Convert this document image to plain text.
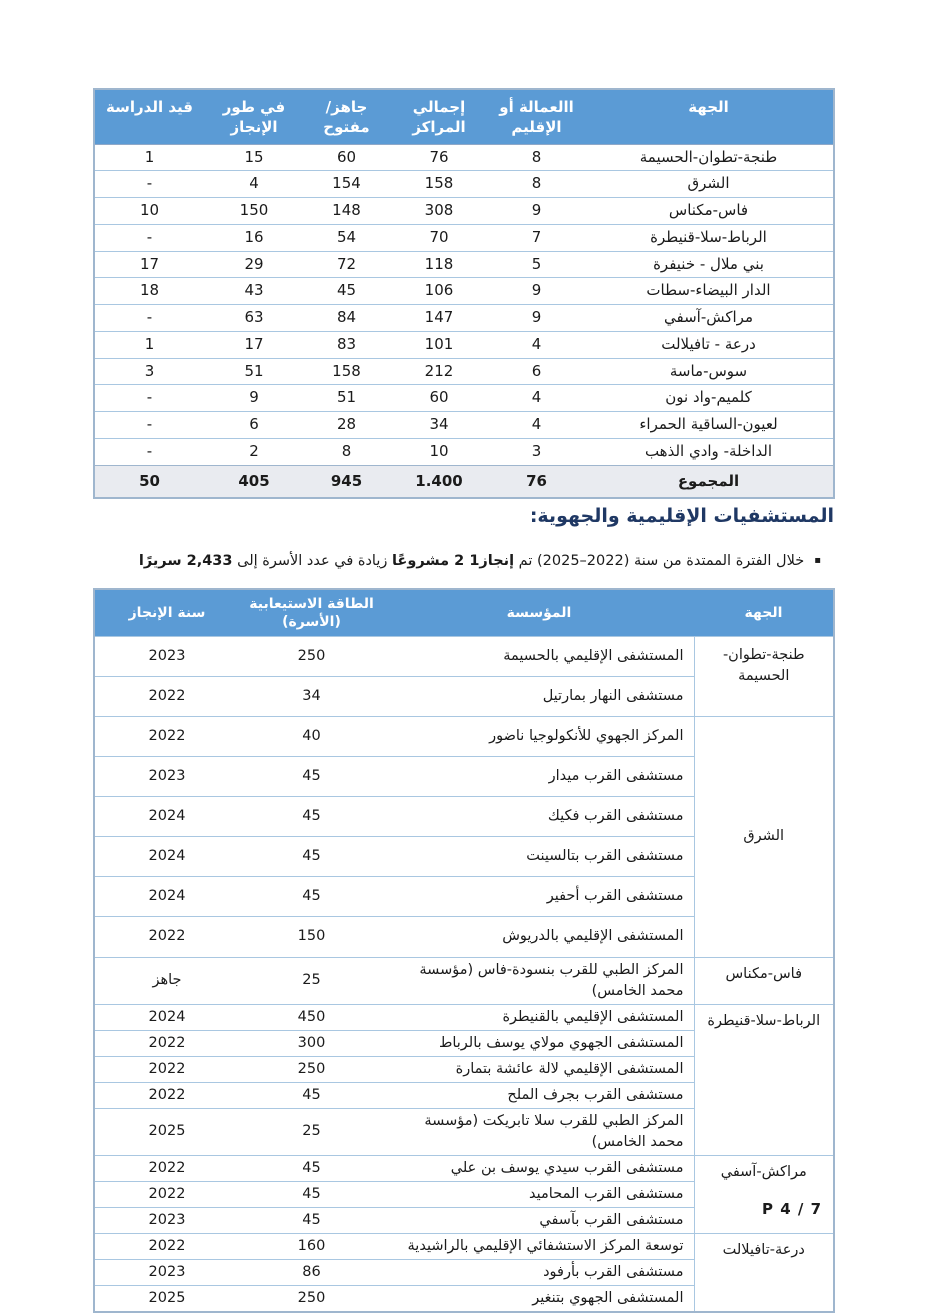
الجهة	االعمالة أو الإقليم	إجمالي المراكز	جاهز/مفتوح	في طور الإنجاز	قيد الدراسة
طنجة-تطوان-الحسيمة	8	76	60	15	1
الشرق	8	158	154	4	-
فاس-مكناس	9	308	148	150	10
الرباط-سلا-قنيطرة	7	70	54	16	-
بني ملال - خنيفرة	5	118	72	29	17
الدار البيضاء-سطات	9	106	45	43	18
مراكش-آسفي	9	147	84	63	-
درعة - تافيلالت	4	101	83	17	1
سوس-ماسة	6	212	158	51	3
كلميم-واد نون	4	60	51	9	-
لعيون-الساقية الحمراء	4	34	28	6	-
الداخلة- وادي الذهب	3	10	8	2	-
المجموع	76	1.400	945	405	50
المستشفيات الإقليمية والجهوية:
▪خلال الفترة الممتدة من سنة (2022–2025) تم إنجاز1 2 مشروعًا زيادة في عدد الأسرة إلى 2,433 سريرًا
الجهة	المؤسسة	الطاقة الاستيعابية (الأسرة)	سنة الإنجاز
طنجة-تطوان-الحسيمة	المستشفى الإقليمي بالحسيمة	250	2023
	مستشفى النهار بمارتيل	34	2022
الشرق	المركز الجهوي للأنكولوجيا ناضور	40	2022
	مستشفى القرب ميدار	45	2023
	مستشفى القرب فكيك	45	2024
	مستشفى القرب بتالسينت	45	2024
	مستشفى القرب أحفير	45	2024
	المستشفى الإقليمي بالدريوش	150	2022
فاس-مكناس	المركز الطبي للقرب بنسودة-فاس (مؤسسة محمد الخامس)	25	جاهز
الرباط-سلا-قنيطرة	المستشفى الإقليمي بالقنيطرة	450	2024
	المستشفى الجهوي مولاي يوسف بالرباط	300	2022
	المستشفى الإقليمي لالة عائشة بتمارة	250	2022
	مستشفى القرب بجرف الملح	45	2022
	المركز الطبي للقرب سلا تابريكت (مؤسسة محمد الخامس)	25	2025
مراكش-آسفي	مستشفى القرب سيدي يوسف بن علي	45	2022
	مستشفى القرب المحاميد	45	2022
	مستشفى القرب بآسفي	45	2023
درعة-تافيلالت	توسعة المركز الاستشفائي الإقليمي بالراشيدية	160	2022
	مستشفى القرب بأرفود	86	2023
	المستشفى الجهوي بتنغير	250	2025
P 4 / 7
